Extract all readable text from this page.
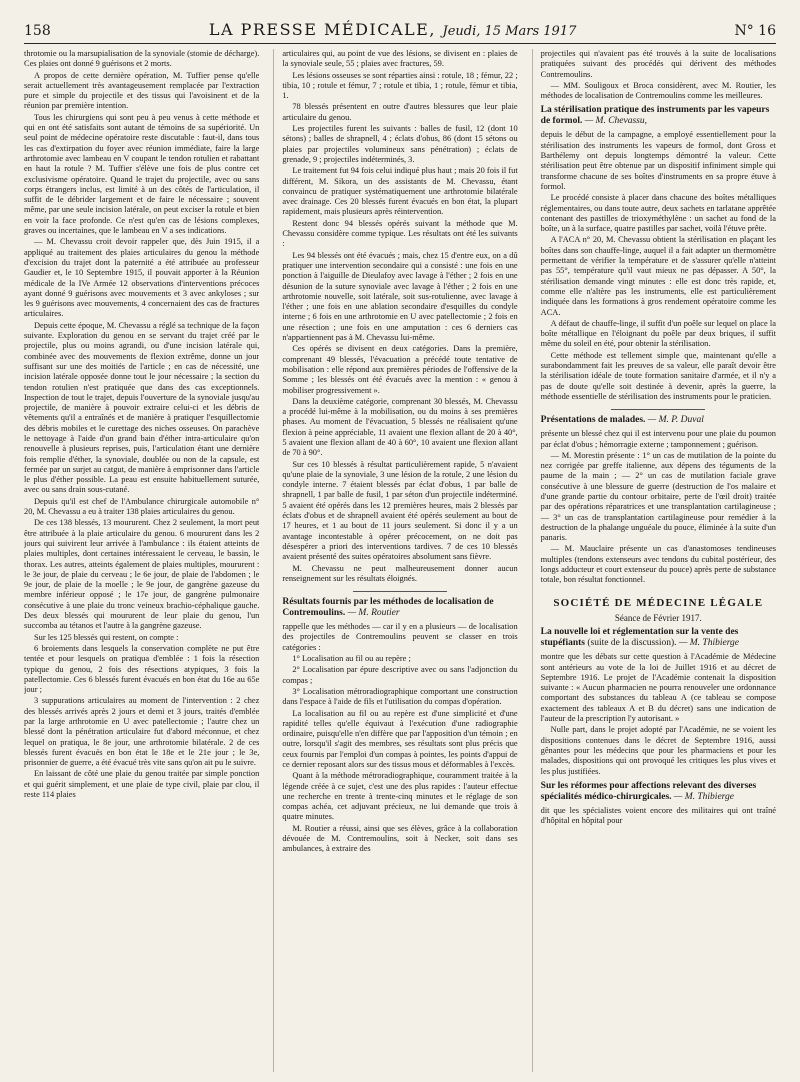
158	LA PRESSE MÉDICALE, Jeudi, 15 Mars 1917	N° 16

throtomie ou la marsupialisation de la synoviale (stomie de décharge). Ces plaies ont donné 9 guérisons et 2 morts.

A propos de cette dernière opération, M. Tuffier pense qu'elle serait actuellement très avantageusement remplacée par l'extraction pure et simple du projectile et des tissus qui l'avoisinent et de la réunion par première intention.

Tous les chirurgiens qui sont peu à peu venus à cette méthode et qui en ont été satisfaits sont autant de témoins de sa supériorité. Un seul point de médecine opératoire reste discutable : faut-il, dans tous les cas d'extirpation du foyer avec réunion immédiate, faire la large arthrotomie avec lambeau en V coupant le tendon rotulien et rabattant en haut la rotule ? M. Tuffier s'élève une fois de plus contre cet exclusivisme opératoire. Quand le trajet du projectile, avec ou sans corps étrangers inclus, est limité à un des côtés de l'articulation, il suffit de le débrider largement et de faire le nécessaire ; souvent même, par une seule incision latérale, on peut exciser la rotule et bien en voir la face profonde. Ce n'est qu'en cas de lésions complexes, graves ou incertaines, que le lambeau en V a ses indications.

— M. Chevassu croit devoir rappeler que, dès Juin 1915, il a appliqué au traitement des plaies articulaires du genou la méthode d'excision du trajet dont la paternité a été attribuée au professeur Gaudier et, le 10 Septembre 1915, il pouvait apporter à la Réunion médicale de la IVe Armée 12 observations d'interventions précoces ayant donné 9 guérisons avec mouvements et 3 avec ankyloses ; sur les 9 guérisons avec mouvements, 4 concernaient des cas de fractures articulaires.

Depuis cette époque, M. Chevassu a réglé sa technique de la façon suivante. Exploration du genou en se servant du trajet créé par le projectile, plus ou moins agrandi, ou d'une incision latérale qui, combinée avec des mouvements de flexion extrême, donne un jour suffisant sur une des moitiés de l'article ; en cas de nécessité, une incision latérale opposée donne tout le jour nécessaire ; la section du tendon rotulien n'est pratiquée que dans des cas exceptionnels. Inspection de tout le trajet, depuis l'ouverture de la synoviale jusqu'au projectile, de manière à pouvoir extraire celui-ci et les débris de vêtements qu'il a entraînés et de manière à pratiquer l'esquillectomie des débris mobiles et le curettage des niches osseuses. On parachève le nettoyage à l'aide d'un grand bain d'éther intra-articulaire qu'on renouvelle à plusieurs reprises, puis, l'articulation étant une dernière fois remplie d'éther, la synoviale, doublée ou non de la capsule, est fermée par un surjet au catgut, de manière à emprisonner dans l'article le plus d'éther possible. La peau est ensuite habituellement suturée, avec ou sans drain sous-cutané.

Depuis qu'il est chef de l'Ambulance chirurgicale automobile n° 20, M. Chevassu a eu à traiter 138 plaies articulaires du genou.

De ces 138 blessés, 13 moururent. Chez 2 seulement, la mort peut être attribuée à la plaie articulaire du genou. 6 moururent dans les 2 jours qui suivirent leur arrivée à l'ambulance : ils étaient atteints de plaies multiples, dont certaines intéressaient le cerveau, le bassin, le thorax. Les autres, atteints également de plaies multiples, moururent : le 3e jour, de plaie du cerveau ; le 6e jour, de plaie de l'abdomen ; le 9e jour, de plaie de la moelle ; le 9e jour, de gangrène gazeuse du membre inférieur opposé ; le 17e jour, de gangrène pulmonaire consécutive à une plaie du tronc veineux brachio-céphalique gauche. Des deux blessés qui moururent de leur plaie du genou, l'un succomba au tétanos et l'autre à la gangrène gazeuse.

Sur les 125 blessés qui restent, on compte :

6 broiements dans lesquels la conservation complète ne put être tentée et pour lesquels on pratiqua d'emblée : 1 fois la résection typique du genou, 2 fois des résections atypiques, 3 fois la patellectomie. Ces 6 blessés furent évacués en bon état du 16e au 65e jour ;

3 suppurations articulaires au moment de l'intervention : 2 chez des blessés arrivés après 2 jours et demi et 3 jours, traités d'emblée par la large arthrotomie en U avec patellectomie ; l'autre chez un blessé dont la pénétration articulaire fut d'abord méconnue, et chez lequel on pratiqua, le 8e jour, une arthrotomie bilatérale. 2 de ces blessés furent évacués en bon état le 18e et le 21e jour ; le 3e, prisonnier de guerre, a été évacué très vite sans qu'on ait pu le suivre.

En laissant de côté une plaie du genou traitée par simple ponction et qui guérit simplement, et une plaie de type civil, plaie par clou, il reste 114 plaies

articulaires qui, au point de vue des lésions, se divisent en : plaies de la synoviale seule, 55 ; plaies avec fractures, 59.

Les lésions osseuses se sont réparties ainsi : rotule, 18 ; fémur, 22 ; tibia, 10 ; rotule et fémur, 7 ; rotule et tibia, 1 ; rotule, fémur et tibia, 1.

78 blessés présentent en outre d'autres blessures que leur plaie articulaire du genou.

Les projectiles furent les suivants : balles de fusil, 12 (dont 10 sétons) ; balles de shrapnell, 4 ; éclats d'obus, 86 (dont 15 sétons ou plaies par projectiles volumineux sans pénétration) ; éclats de grenade, 9 ; projectiles indéterminés, 3.

Le traitement fut 94 fois celui indiqué plus haut ; mais 20 fois il fut différent, M. Sikora, un des assistants de M. Chevassu, étant convaincu de pratiquer systématiquement une arthrotomie bilatérale avec drainage. Ces 20 blessés furent évacués en bon état, la plupart rapidement, mais plusieurs après réintervention.

Restent donc 94 blessés opérés suivant la méthode que M. Chevassu considère comme typique. Les résultats ont été les suivants :

Les 94 blessés ont été évacués ; mais, chez 15 d'entre eux, on a dû pratiquer une intervention secondaire qui a consisté : une fois en une ponction à l'aiguille de Dieulafoy avec lavage à l'éther ; 2 fois en une désunion de la suture synoviale avec lavage à l'éther ; 2 fois en une arthrotomie nouvelle, soit latérale, soit sus-rotulienne, avec lavage à l'éther ; une fois en une ablation secondaire d'esquilles du condyle interne ; 6 fois en une arthrotomie en U avec patellectomie ; 2 fois en une résection ; une fois en une amputation : ces 6 derniers cas n'appartiennent pas à M. Chevassu lui-même.

Ces opérés se divisent en deux catégories. Dans la première, comprenant 49 blessés, l'évacuation a précédé toute tentative de mobilisation : elle répond aux premières périodes de l'offensive de la Somme ; les blessés ont été évacués avec la mention : « genou à mobiliser progressivement ».

Dans la deuxième catégorie, comprenant 30 blessés, M. Chevassu a procédé lui-même à la mobilisation, ou du moins à ses premières phases. Au moment de l'évacuation, 5 blessés ne réalisaient qu'une flexion à peine appréciable, 11 avaient une flexion allant de 20 à 40°, 5 avaient une flexion allant de 40 à 60°, 10 avaient une flexion allant de 70 à 90°.

Sur ces 10 blessés à résultat particulièrement rapide, 5 n'avaient qu'une plaie de la synoviale, 3 une lésion de la rotule, 2 une lésion du condyle interne. 7 étaient blessés par éclat d'obus, 1 par balle de shrapnell, 1 par balle de fusil, 1 par séton d'un projectile indéterminé. 5 avaient été opérés dans les 12 premières heures, mais 2 blessés par éclats d'obus et de shrapnell avaient été opérés seulement au bout de 17 heures, et 1 au bout de 11 jours seulement. Si donc il y a un avantage incontestable à opérer précocement, on ne doit pas désespérer a priori des interventions tardives. 7 de ces 10 blessés avaient présenté des suites opératoires absolument sans fièvre.

M. Chevassu ne peut malheureusement donner aucun renseignement sur les résultats éloignés.

Résultats fournis par les méthodes de localisation de Contremoulins. — M. Routier

rappelle que les méthodes — car il y en a plusieurs — de localisation des projectiles de Contremoulins peuvent se classer en trois catégories :

1° Localisation au fil ou au repère ;

2° Localisation par épure descriptive avec ou sans l'adjonction du compas ;

3° Localisation métroradiographique comportant une construction dans l'espace à l'aide de fils et l'utilisation du compas d'opération.

La localisation au fil ou au repère est d'une simplicité et d'une rapidité telles qu'elle équivaut à l'exécution d'une radiographie ordinaire, puisqu'elle n'en diffère que par l'apposition d'un témoin ; en outre, lorsqu'il s'agit des membres, ses résultats sont plus précis que ceux fournis par l'emploi d'un compas à pointes, les points d'appui de ce dernier reposant alors sur des tissus mous et déformables à l'excès.

Quant à la méthode métroradiographique, couramment traitée à la légende créée à ce sujet, c'est une des plus rapides : l'auteur effectue une recherche en trente à trente-cinq minutes et le réglage de son compas achéa, cet adjuvant précieux, ne lui demande que trois à quatre minutes.

M. Routier a réussi, ainsi que ses élèves, grâce à la collaboration dévouée de M. Contremoulins, soit à Necker, soit dans ses ambulances, à extraire des

projectiles qui n'avaient pas été trouvés à la suite de localisations pratiquées suivant des procédés qui dérivent des méthodes Contremoulins.

— MM. Souligoux et Broca considèrent, avec M. Routier, les méthodes de localisation de Contremoulins comme les meilleures.

La stérilisation pratique des instruments par les vapeurs de formol. — M. Chevassu,

depuis le début de la campagne, a employé essentiellement pour la stérilisation des instruments les vapeurs de formol, dont Gross et Barthélemy ont depuis longtemps démontré la valeur. Cette stérilisation peut être obtenue par un dispositif infiniment simple qui transforme chacune de ses boîtes d'instruments en sa propre étuve à formol.

Le procédé consiste à placer dans chacune des boîtes métalliques réglementaires, ou dans toute autre, deux sachets en tarlatane apprêtée contenant des pastilles de trioxyméthylène : un sachet au fond de la boîte, un à la surface, quatre pastilles par sachet, voilà l'étuve prête.

A l'ACA n° 20, M. Chevassu obtient la stérilisation en plaçant les boîtes dans son chauffe-linge, auquel il a fait adapter un thermomètre permettant de vérifier la température et de s'assurer qu'elle n'atteint pas 55°, température qu'il vaut mieux ne pas dépasser. A 50°, la stérilisation demande vingt minutes : elle est donc très rapide, et, comme elle n'altère pas les instruments, elle est particulièrement indiquée dans les formations à gros rendement opératoire comme les ACA.

A défaut de chauffe-linge, il suffit d'un poêle sur lequel on place la boîte métallique en l'éloignant du poêle par deux briques, il suffit même du soleil en été, pour obtenir la stérilisation.

Cette méthode est tellement simple que, maintenant qu'elle a surabondamment fait les preuves de sa valeur, elle paraît devoir être la stérilisation idéale de toute formation sanitaire d'armée, et il n'y a pas de doute qu'elle soit destinée à devenir, après la guerre, la méthode essentielle de stérilisation des instruments pour le praticien.

Présentations de malades. — M. P. Duval

présente un blessé chez qui il est intervenu pour une plaie du poumon par éclat d'obus ; hémorragie externe ; tamponnement ; guérison.

— M. Morestin présente : 1° un cas de mutilation de la pointe du nez corrigée par greffe italienne, aux dépens des téguments de la paume de la main ; — 2° un cas de mutilation faciale grave consécutive à une blessure de guerre (destruction de l'os malaire et d'une grande partie du contour orbitaire, perte de l'œil droit) traitée par des opérations réparatrices et une transplantation cartilagineuse ; — 3° un cas de transplantation cartilagineuse pour remédier à la destruction de la phalange unguéale du pouce, éliminée à la suite d'un panaris.

— M. Mauclaire présente un cas d'anastomoses tendineuses multiples (tendons extenseurs avec tendons du cubital postérieur, des longs adducteur et court extenseur du pouce) après perte de substance totale, bon résultat fonctionnel.

SOCIÉTÉ DE MÉDECINE LÉGALE

Séance de Février 1917.

La nouvelle loi et réglementation sur la vente des stupéfiants (suite de la discussion). — M. Thibierge

montre que les débats sur cette question à l'Académie de Médecine sont antérieurs au vote de la loi de Juillet 1916 et au décret de Septembre 1916. Le projet de l'Académie contenait la disposition suivante : « Aucun pharmacien ne pourra renouveler une ordonnance comportant des substances du tableau A (ce tableau se compose exactement des tableaux A et B du décret) sans une indication de l'auteur de la prescription l'y autorisant. »

Nulle part, dans le projet adopté par l'Académie, ne se voient les dispositions contenues dans le décret de Septembre 1916, aussi gênantes pour les médecins que pour les pharmaciens et pour les malades, dispositions qui ont provoqué les critiques les plus vives et les plus justifiées.

Sur les réformes pour affections relevant des diverses spécialités médico-chirurgicales. — M. Thibierge

dit que les spécialistes voient encore des militaires qui ont traîné d'hôpital en hôpital pour
